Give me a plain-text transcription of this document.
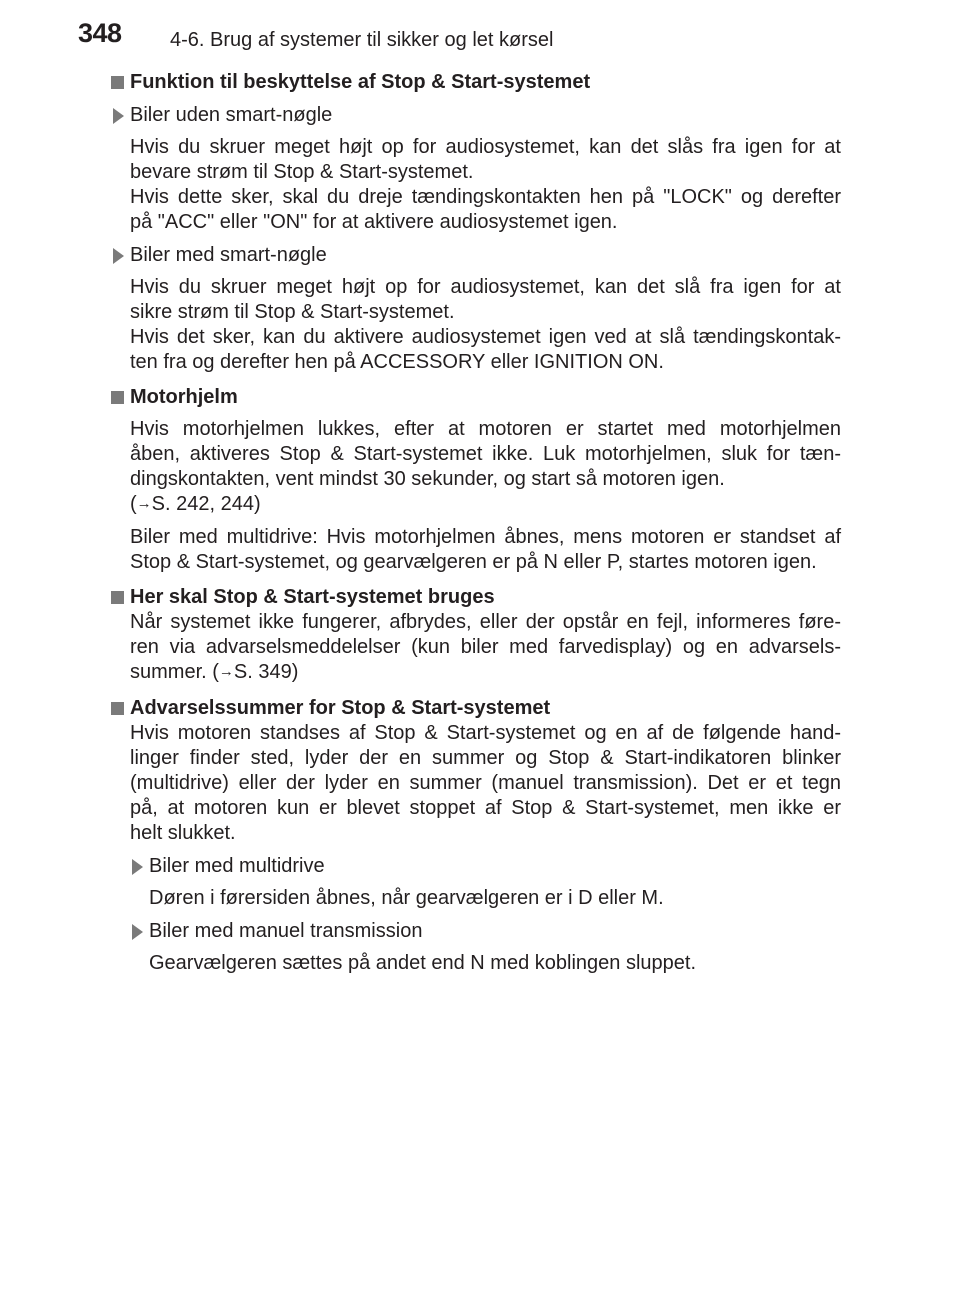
348 4-6. Brug af systemer til sikker og let kørsel
Funktion til beskyttelse af Stop & Start-systemet
Biler uden smart-nøgle
Hvis du skruer meget højt op for audiosystemet, kan det slås fra igen for at
bevare strøm til Stop & Start-systemet.
Hvis dette sker, skal du dreje tændingskontakten hen på "LOCK" og derefter
på "ACC" eller "ON" for at aktivere audiosystemet igen.
Biler med smart-nøgle
Hvis du skruer meget højt op for audiosystemet, kan det slå fra igen for at
sikre strøm til Stop & Start-systemet.
Hvis det sker, kan du aktivere audiosystemet igen ved at slå tændingskontak-
ten fra og derefter hen på ACCESSORY eller IGNITION ON.
Motorhjelm
Hvis motorhjelmen lukkes, efter at motoren er startet med motorhjelmen
åben, aktiveres Stop & Start-systemet ikke. Luk motorhjelmen, sluk for tæn-
dingskontakten, vent mindst 30 sekunder, og start så motoren igen.
(→S. 242, 244)
Biler med multidrive: Hvis motorhjelmen åbnes, mens motoren er standset af
Stop & Start-systemet, og gearvælgeren er på N eller P, startes motoren igen.
Her skal Stop & Start-systemet bruges
Når systemet ikke fungerer, afbrydes, eller der opstår en fejl, informeres føre-
ren via advarselsmeddelelser (kun biler med farvedisplay) og en advarsels-
summer. (→S. 349)
Advarselssummer for Stop & Start-systemet
Hvis motoren standses af Stop & Start-systemet og en af de følgende hand-
linger finder sted, lyder der en summer og Stop & Start-indikatoren blinker
(multidrive) eller der lyder en summer (manuel transmission). Det er et tegn
på, at motoren kun er blevet stoppet af Stop & Start-systemet, men ikke er
helt slukket.
Biler med multidrive
Døren i førersiden åbnes, når gearvælgeren er i D eller M.
Biler med manuel transmission
Gearvælgeren sættes på andet end N med koblingen sluppet.
